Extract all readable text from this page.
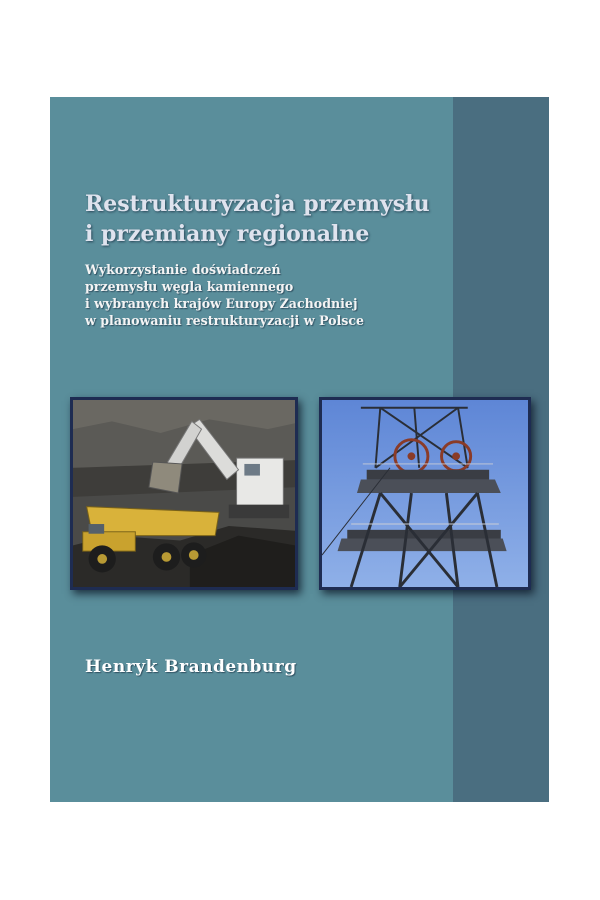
Restrukturyzacja przemysłu
i przemiany regionalne

Wykorzystanie doświadczeń
przemysłu węgla kamiennego
i wybranych krajów Europy Zachodniej
w planowaniu restrukturyzacji w Polsce

Henryk Brandenburg
